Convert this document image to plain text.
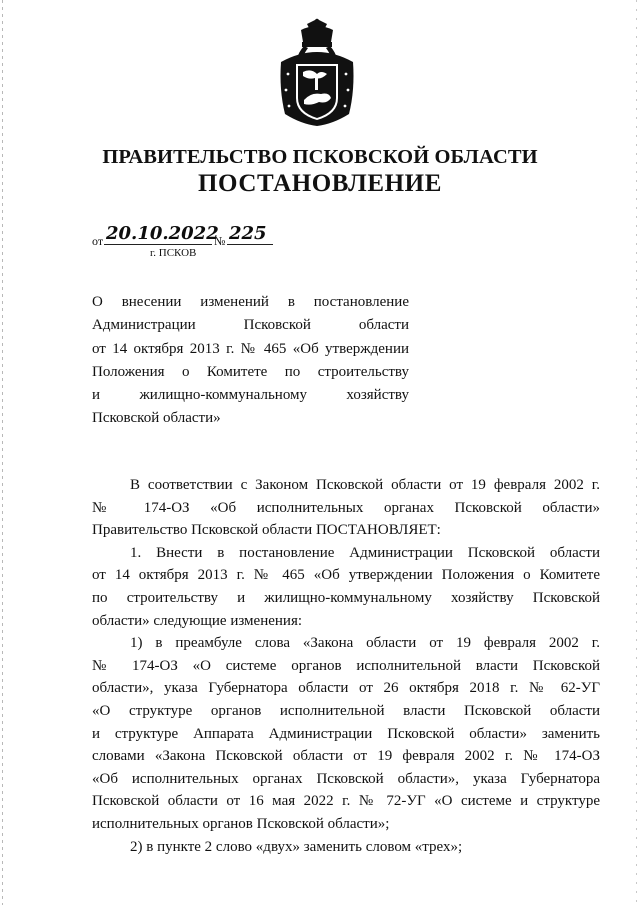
ПРАВИТЕЛЬСТВО ПСКОВСКОЙ ОБЛАСТИ
ПОСТАНОВЛЕНИЕ
от 20.10.2022
№ 225
г. ПСКОВ
О внесении изменений в постановление
Администрации Псковской области
от 14 октября 2013 г. № 465 «Об утверждении
Положения о Комитете по строительству
и жилищно-коммунальному хозяйству
Псковской области»
В соответствии с Законом Псковской области от 19 февраля 2002 г.
№ 174-ОЗ «Об исполнительных органах Псковской области»
Правительство Псковской области ПОСТАНОВЛЯЕТ:
1. Внести в постановление Администрации Псковской области
от 14 октября 2013 г. № 465 «Об утверждении Положения о Комитете
по строительству и жилищно-коммунальному хозяйству Псковской
области» следующие изменения:
1) в преамбуле слова «Закона области от 19 февраля 2002 г.
№ 174-ОЗ «О системе органов исполнительной власти Псковской
области», указа Губернатора области от 26 октября 2018 г. № 62-УГ
«О структуре органов исполнительной власти Псковской области
и структуре Аппарата Администрации Псковской области» заменить
словами «Закона Псковской области от 19 февраля 2002 г. № 174-ОЗ
«Об исполнительных органах Псковской области», указа Губернатора
Псковской области от 16 мая 2022 г. № 72-УГ «О системе и структуре
исполнительных органов Псковской области»;
2) в пункте 2 слово «двух» заменить словом «трех»;
